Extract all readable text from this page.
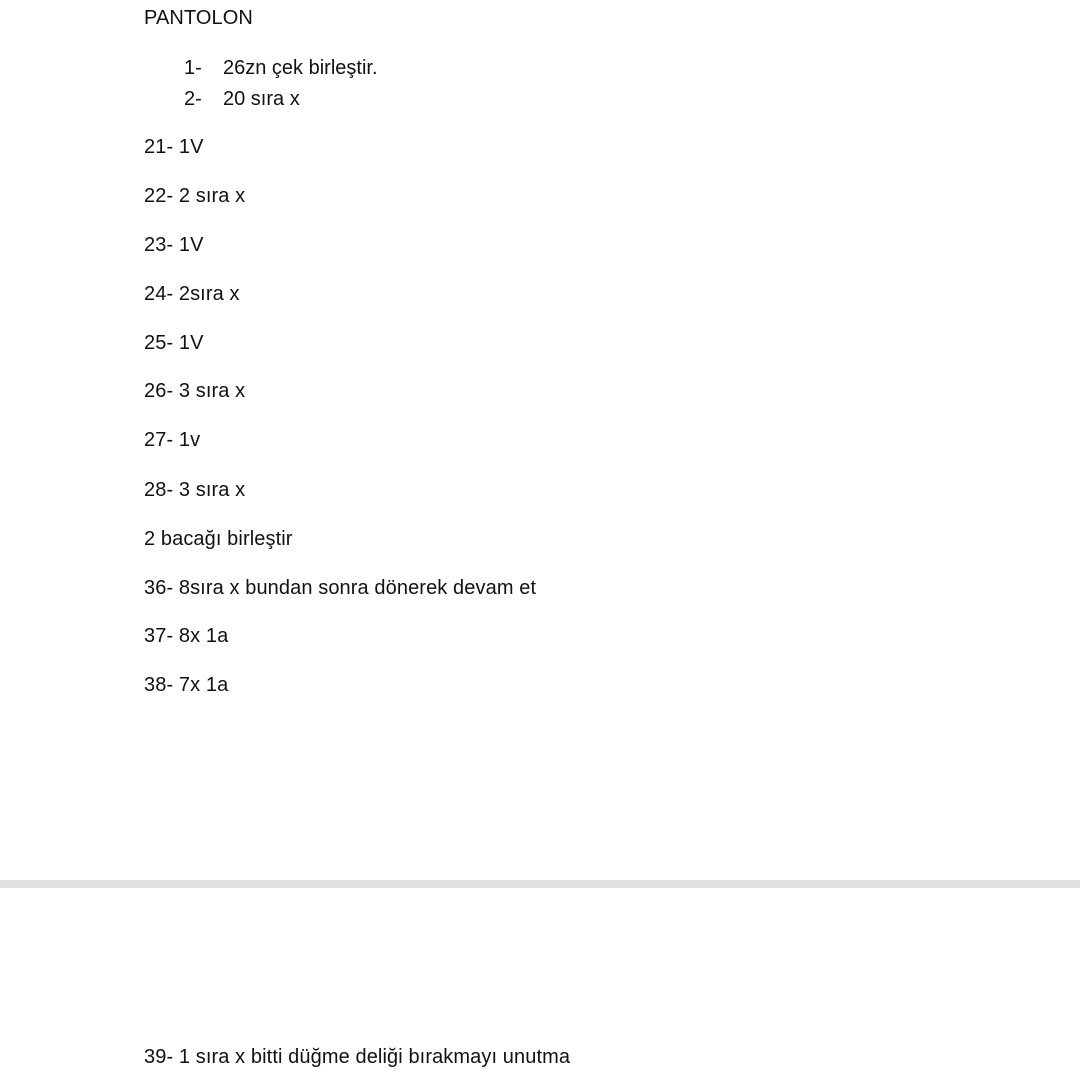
PANTOLON
1- 26zn çek birleştir.
2- 20 sıra x
21- 1V
22- 2 sıra x
23- 1V
24- 2sıra x
25- 1V
26- 3 sıra x
27- 1v
28- 3 sıra x
2 bacağı birleştir
36- 8sıra x bundan sonra dönerek devam et
37- 8x 1a
38- 7x 1a
39- 1 sıra x bitti düğme deliği bırakmayı unutma
